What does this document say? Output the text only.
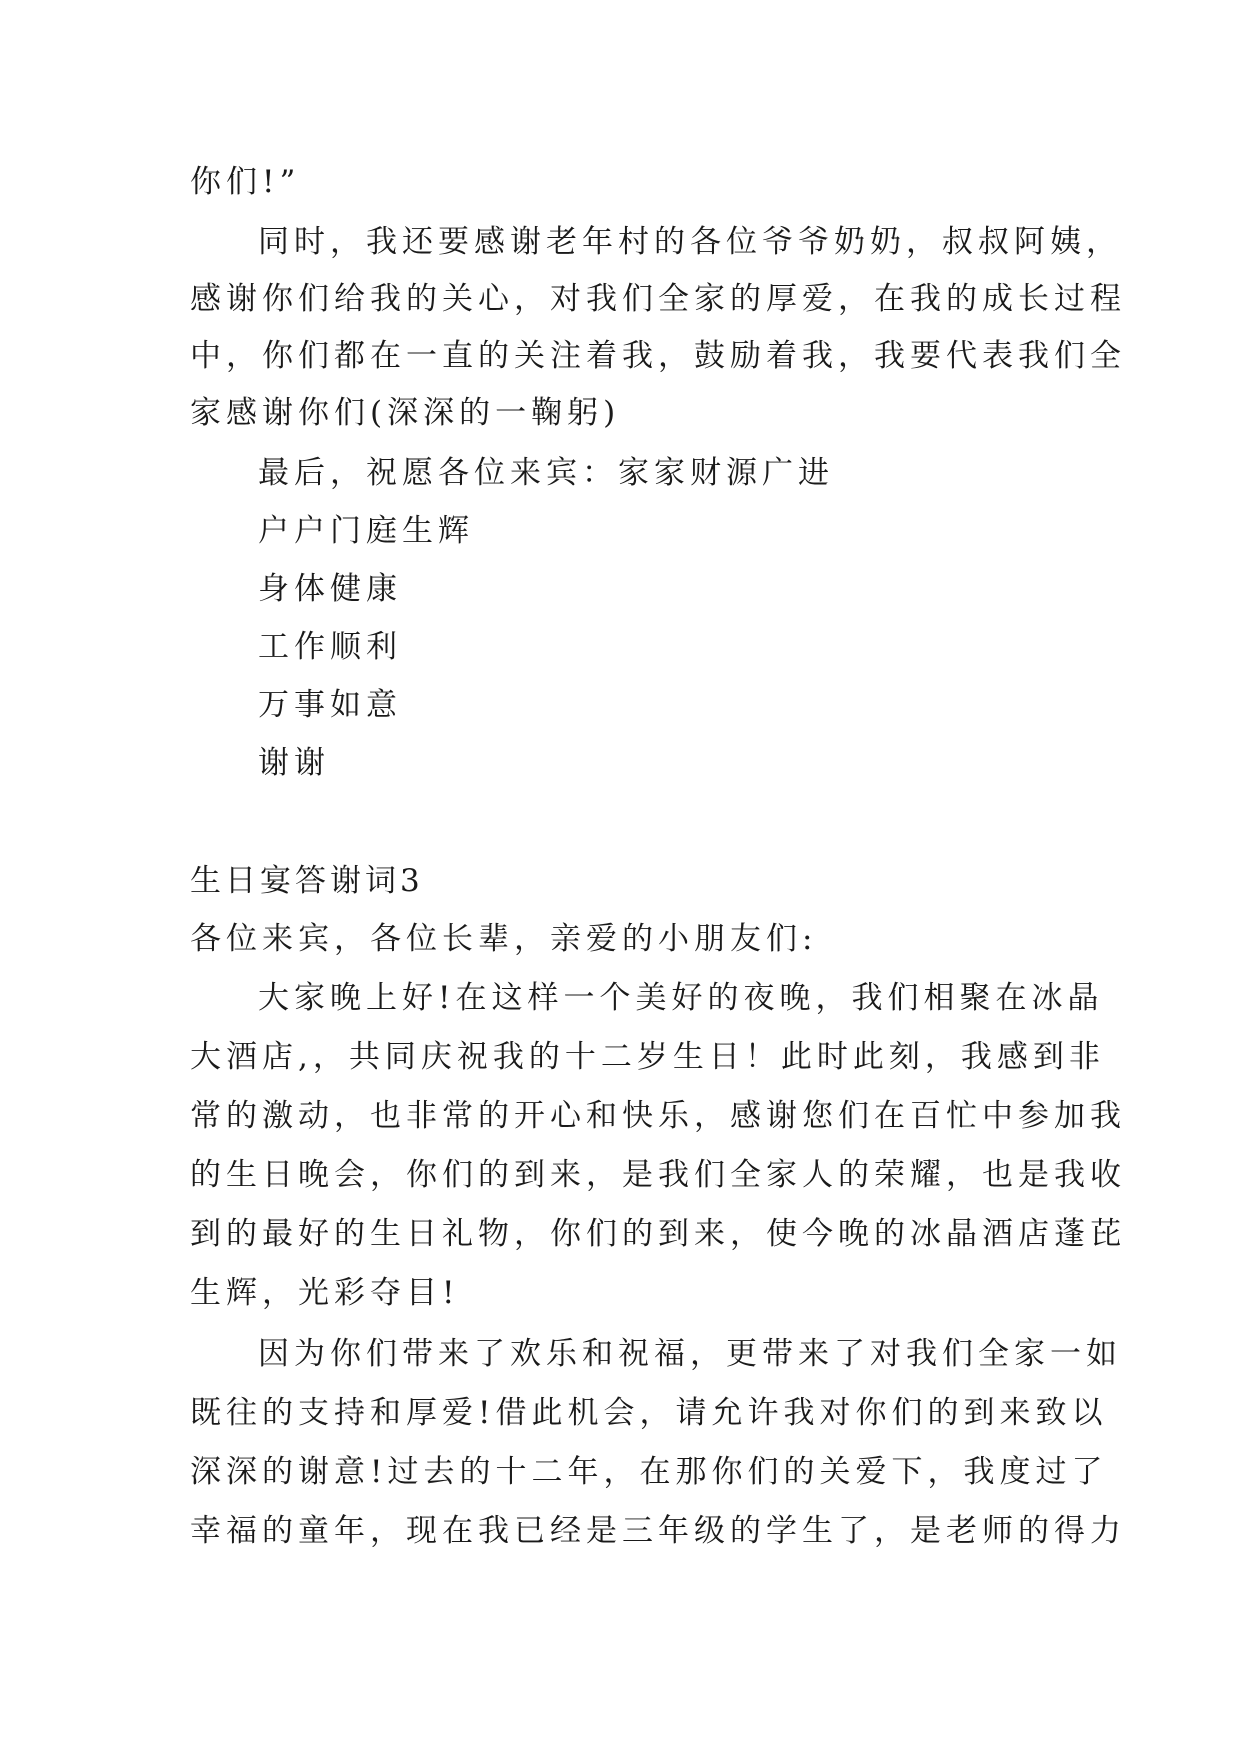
你们!”

同时，我还要感谢老年村的各位爷爷奶奶，叔叔阿姨，

感谢你们给我的关心，对我们全家的厚爱，在我的成长过程

中，你们都在一直的关注着我，鼓励着我，我要代表我们全

家感谢你们(深深的一鞠躬)

最后，祝愿各位来宾：家家财源广进

户户门庭生辉

身体健康

工作顺利

万事如意

谢谢

生日宴答谢词3

各位来宾，各位长辈，亲爱的小朋友们:

大家晚上好!在这样一个美好的夜晚，我们相聚在冰晶

大酒店,，共同庆祝我的十二岁生日！此时此刻，我感到非

常的激动，也非常的开心和快乐，感谢您们在百忙中参加我

的生日晚会，你们的到来，是我们全家人的荣耀，也是我收

到的最好的生日礼物，你们的到来，使今晚的冰晶酒店蓬芘

生辉，光彩夺目!

因为你们带来了欢乐和祝福，更带来了对我们全家一如

既往的支持和厚爱!借此机会，请允许我对你们的到来致以

深深的谢意!过去的十二年，在那你们的关爱下，我度过了

幸福的童年，现在我已经是三年级的学生了，是老师的得力
